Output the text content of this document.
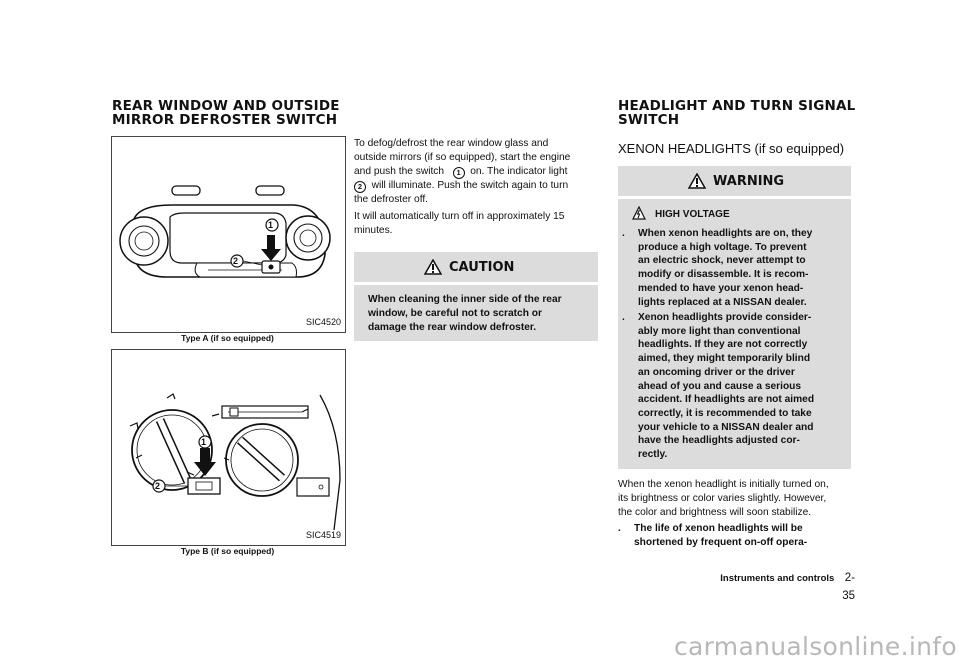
REAR WINDOW AND OUTSIDE
MIRROR DEFROSTER SWITCH
1
2
SIC4520
Type A (if so equipped)
1
2
SIC4519
Type B (if so equipped)
To defog/defrost the rear window glass and
outside mirrors (if so equipped), start the engine
and push the switch 1 on. The indicator light
2 will illuminate. Push the switch again to turn
the defroster off.
It will automatically turn off in approximately 15
minutes.
CAUTION
When cleaning the inner side of the rear
window, be careful not to scratch or
damage the rear window defroster.
HEADLIGHT AND TURN SIGNAL
SWITCH
XENON HEADLIGHTS (if so equipped)
WARNING
HIGH VOLTAGE
. When xenon headlights are on, they
produce a high voltage. To prevent
an electric shock, never attempt to
modify or disassemble. It is recom-
mended to have your xenon head-
lights replaced at a NISSAN dealer.
. Xenon headlights provide consider-
ably more light than conventional
headlights. If they are not correctly
aimed, they might temporarily blind
an oncoming driver or the driver
ahead of you and cause a serious
accident. If headlights are not aimed
correctly, it is recommended to take
your vehicle to a NISSAN dealer and
have the headlights adjusted cor-
rectly.
When the xenon headlight is initially turned on,
its brightness or color varies slightly. However,
the color and brightness will soon stabilize.
. The life of xenon headlights will be
shortened by frequent on-off opera-
Instruments and controls 2-35
carmanualsonline.info
